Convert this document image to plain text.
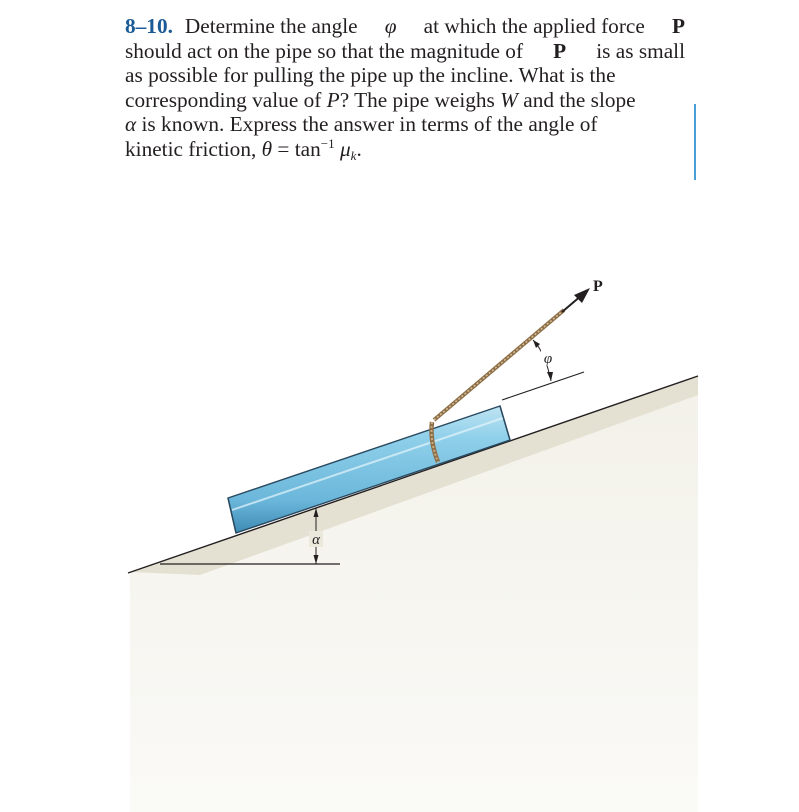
8–10. Determine the angle φ at which the applied force P
should act on the pipe so that the magnitude of P is as small
as possible for pulling the pipe up the incline. What is the
corresponding value of P? The pipe weighs W and the slope
α is known. Express the answer in terms of the angle of
kinetic friction, $\theta = \tan^{-1} \mu_k$.
α
P
φ
